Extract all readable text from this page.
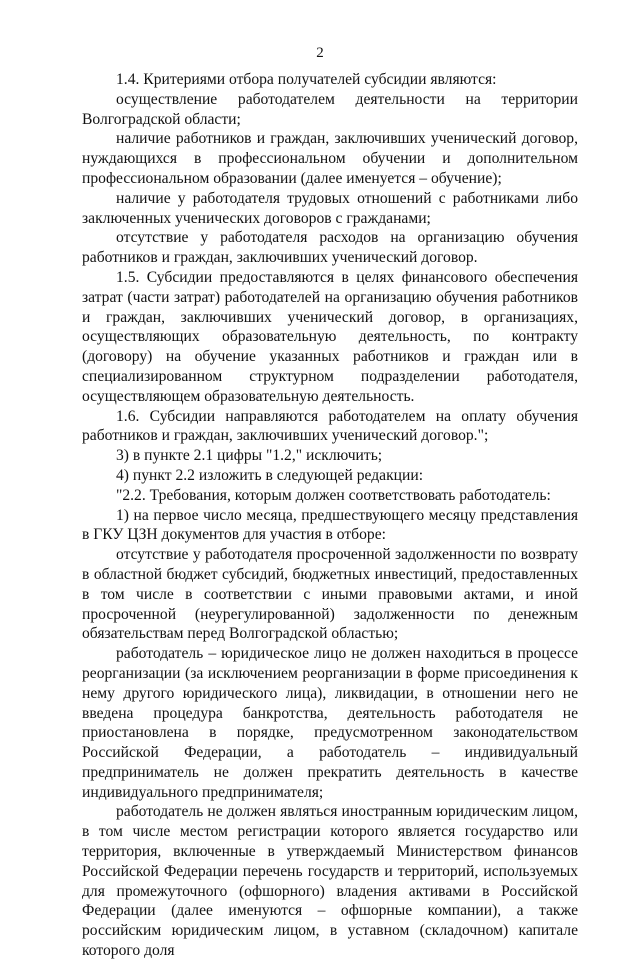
2

1.4. Критериями отбора получателей субсидии являются:

осуществление работодателем деятельности на территории Волгоградской области;

наличие работников и граждан, заключивших ученический договор, нуждающихся в профессиональном обучении и дополнительном профессиональном образовании (далее именуется – обучение);

наличие у работодателя трудовых отношений с работниками либо заключенных ученических договоров с гражданами;

отсутствие у работодателя расходов на организацию обучения работников и граждан, заключивших ученический договор.

1.5. Субсидии предоставляются в целях финансового обеспечения затрат (части затрат) работодателей на организацию обучения работников и граждан, заключивших ученический договор, в организациях, осуществляющих образовательную деятельность, по контракту (договору) на обучение указанных работников и граждан или в специализированном структурном подразделении работодателя, осуществляющем образовательную деятельность.

1.6. Субсидии направляются работодателем на оплату обучения работников и граждан, заключивших ученический договор.";

3) в пункте 2.1 цифры "1.2," исключить;

4) пункт 2.2 изложить в следующей редакции:

"2.2. Требования, которым должен соответствовать работодатель:

1) на первое число месяца, предшествующего месяцу представления в ГКУ ЦЗН документов для участия в отборе:

отсутствие у работодателя просроченной задолженности по возврату в областной бюджет субсидий, бюджетных инвестиций, предоставленных в том числе в соответствии с иными правовыми актами, и иной просроченной (неурегулированной) задолженности по денежным обязательствам перед Волгоградской областью;

работодатель – юридическое лицо не должен находиться в процессе реорганизации (за исключением реорганизации в форме присоединения к нему другого юридического лица), ликвидации, в отношении него не введена процедура банкротства, деятельность работодателя не приостановлена в порядке, предусмотренном законодательством Российской Федерации, а работодатель – индивидуальный предприниматель не должен прекратить деятельность в качестве индивидуального предпринимателя;

работодатель не должен являться иностранным юридическим лицом, в том числе местом регистрации которого является государство или территория, включенные в утверждаемый Министерством финансов Российской Федерации перечень государств и территорий, используемых для промежуточного (офшорного) владения активами в Российской Федерации (далее именуются – офшорные компании), а также российским юридическим лицом, в уставном (складочном) капитале которого доля
